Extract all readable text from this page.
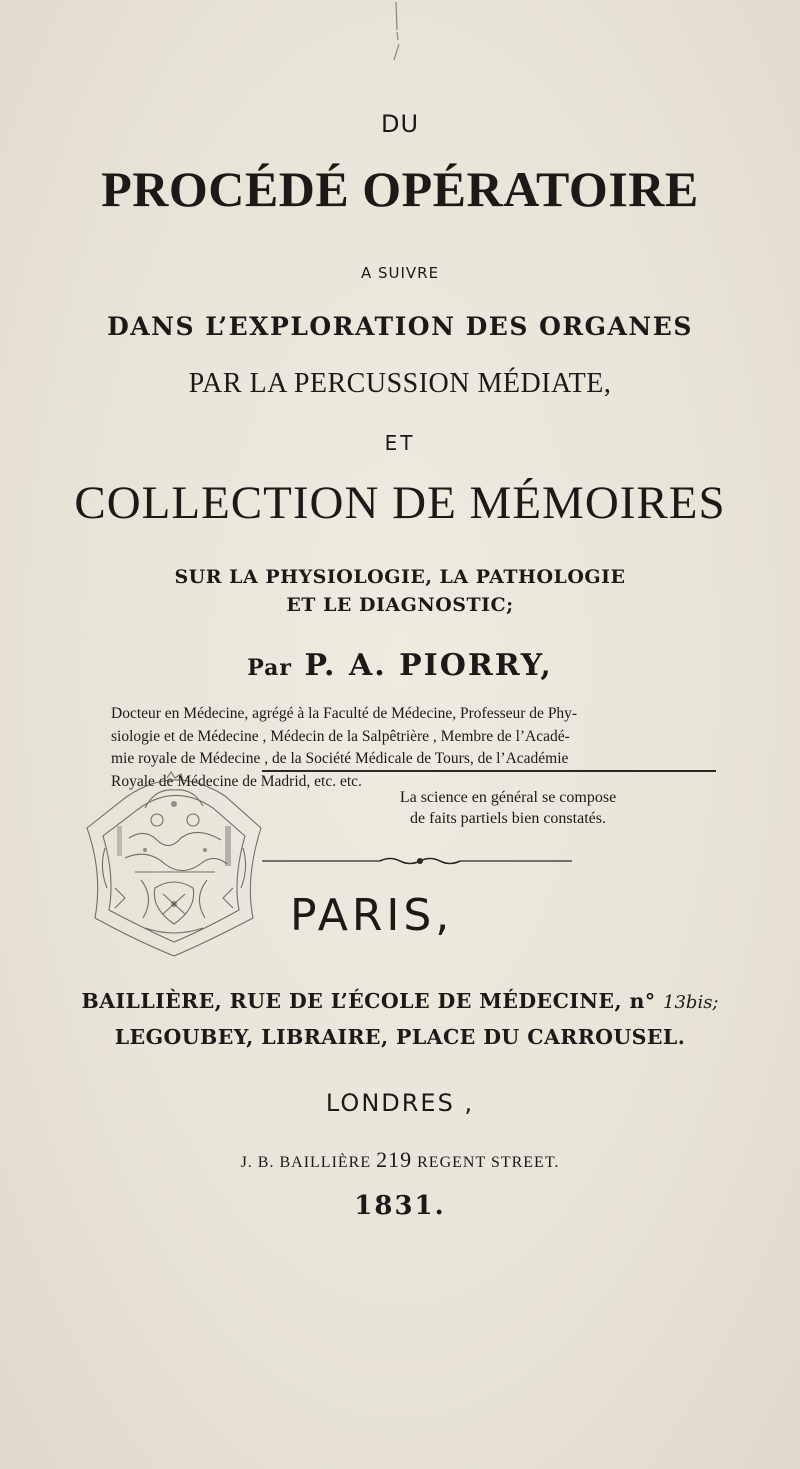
DU
PROCÉDÉ OPÉRATOIRE
A SUIVRE
DANS L’EXPLORATION DES ORGANES
PAR LA PERCUSSION MÉDIATE,
ET
COLLECTION DE MÉMOIRES
SUR LA PHYSIOLOGIE, LA PATHOLOGIE
ET LE DIAGNOSTIC;
Par P. A. PIORRY,
Docteur en Médecine, agrégé à la Faculté de Médecine, Professeur de Phy-
siologie et de Médecine , Médecin de la Salpêtrière , Membre de l’Acadé-
mie royale de Médecine , de la Société Médicale de Tours, de l’Académie
Royale de Médecine de Madrid, etc. etc.
La science en général se compose
de faits partiels bien constatés.
PARIS,
BAILLIÈRE, RUE DE L’ÉCOLE DE MÉDECINE, n° 13bis;
LEGOUBEY, LIBRAIRE, PLACE DU CARROUSEL.
LONDRES ,
J. B. BAILLIÈRE 219 REGENT STREET.
1831.
